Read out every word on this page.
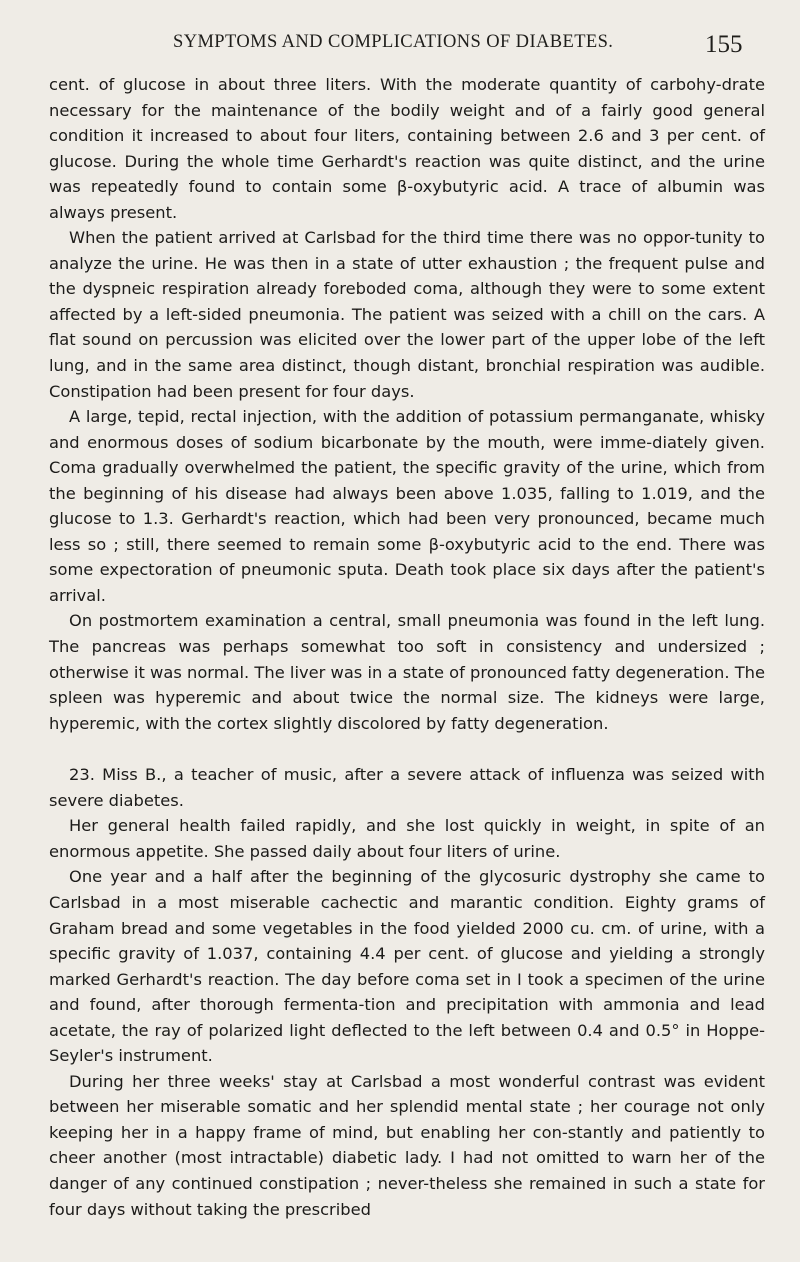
SYMPTOMS AND COMPLICATIONS OF DIABETES.	155

cent. of glucose in about three liters. With the moderate quantity of carbohy-drate necessary for the maintenance of the bodily weight and of a fairly good general condition it increased to about four liters, containing between 2.6 and 3 per cent. of glucose. During the whole time Gerhardt's reaction was quite distinct, and the urine was repeatedly found to contain some β-oxybutyric acid. A trace of albumin was always present.

When the patient arrived at Carlsbad for the third time there was no oppor-tunity to analyze the urine. He was then in a state of utter exhaustion ; the frequent pulse and the dyspneic respiration already foreboded coma, although they were to some extent affected by a left-sided pneumonia. The patient was seized with a chill on the cars. A flat sound on percussion was elicited over the lower part of the upper lobe of the left lung, and in the same area distinct, though distant, bronchial respiration was audible. Constipation had been present for four days.

A large, tepid, rectal injection, with the addition of potassium permanganate, whisky and enormous doses of sodium bicarbonate by the mouth, were imme-diately given. Coma gradually overwhelmed the patient, the specific gravity of the urine, which from the beginning of his disease had always been above 1.035, falling to 1.019, and the glucose to 1.3. Gerhardt's reaction, which had been very pronounced, became much less so ; still, there seemed to remain some β-oxybutyric acid to the end. There was some expectoration of pneumonic sputa. Death took place six days after the patient's arrival.

On postmortem examination a central, small pneumonia was found in the left lung. The pancreas was perhaps somewhat too soft in consistency and undersized ; otherwise it was normal. The liver was in a state of pronounced fatty degeneration. The spleen was hyperemic and about twice the normal size. The kidneys were large, hyperemic, with the cortex slightly discolored by fatty degeneration.

23. Miss B., a teacher of music, after a severe attack of influenza was seized with severe diabetes.

Her general health failed rapidly, and she lost quickly in weight, in spite of an enormous appetite. She passed daily about four liters of urine.

One year and a half after the beginning of the glycosuric dystrophy she came to Carlsbad in a most miserable cachectic and marantic condition. Eighty grams of Graham bread and some vegetables in the food yielded 2000 cu. cm. of urine, with a specific gravity of 1.037, containing 4.4 per cent. of glucose and yielding a strongly marked Gerhardt's reaction. The day before coma set in I took a specimen of the urine and found, after thorough fermenta-tion and precipitation with ammonia and lead acetate, the ray of polarized light deflected to the left between 0.4 and 0.5° in Hoppe-Seyler's instrument.

During her three weeks' stay at Carlsbad a most wonderful contrast was evident between her miserable somatic and her splendid mental state ; her courage not only keeping her in a happy frame of mind, but enabling her con-stantly and patiently to cheer another (most intractable) diabetic lady. I had not omitted to warn her of the danger of any continued constipation ; never-theless she remained in such a state for four days without taking the prescribed
